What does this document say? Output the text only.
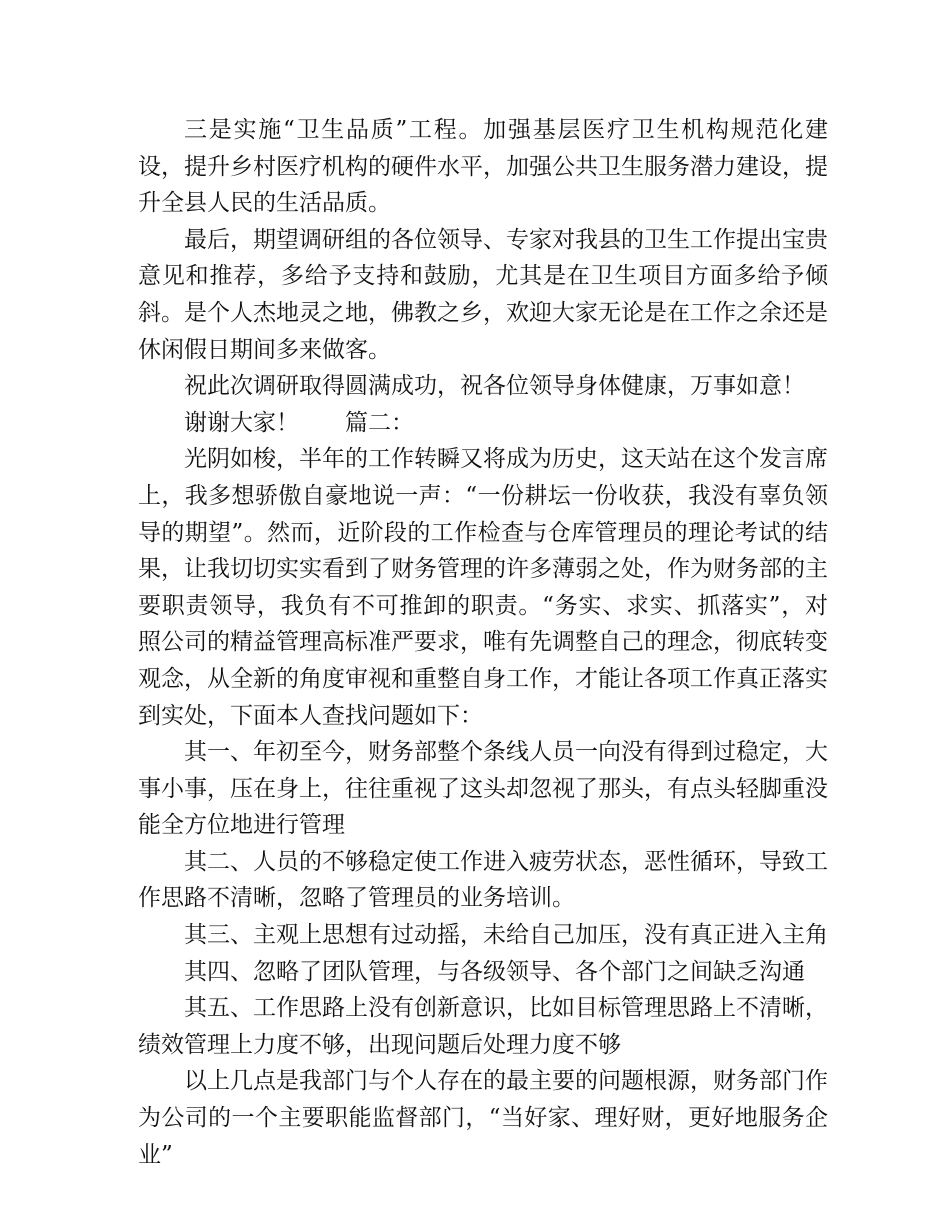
三是实施“卫生品质”工程。加强基层医疗卫生机构规范化建设，提升乡村医疗机构的硬件水平，加强公共卫生服务潜力建设，提升全县人民的生活品质。

最后，期望调研组的各位领导、专家对我县的卫生工作提出宝贵意见和推荐，多给予支持和鼓励，尤其是在卫生项目方面多给予倾斜。是个人杰地灵之地，佛教之乡，欢迎大家无论是在工作之余还是休闲假日期间多来做客。

祝此次调研取得圆满成功，祝各位领导身体健康，万事如意！

谢谢大家！　　篇二：

光阴如梭，半年的工作转瞬又将成为历史，这天站在这个发言席上，我多想骄傲自豪地说一声：“一份耕坛一份收获，我没有辜负领导的期望”。然而，近阶段的工作检查与仓库管理员的理论考试的结果，让我切切实实看到了财务管理的许多薄弱之处，作为财务部的主要职责领导，我负有不可推卸的职责。“务实、求实、抓落实”，对照公司的精益管理高标准严要求，唯有先调整自己的理念，彻底转变观念，从全新的角度审视和重整自身工作，才能让各项工作真正落实到实处，下面本人查找问题如下：

其一、年初至今，财务部整个条线人员一向没有得到过稳定，大事小事，压在身上，往往重视了这头却忽视了那头，有点头轻脚重没能全方位地进行管理

其二、人员的不够稳定使工作进入疲劳状态，恶性循环，导致工作思路不清晰，忽略了管理员的业务培训。

其三、主观上思想有过动摇，未给自己加压，没有真正进入主角

其四、忽略了团队管理，与各级领导、各个部门之间缺乏沟通

其五、工作思路上没有创新意识，比如目标管理思路上不清晰，绩效管理上力度不够，出现问题后处理力度不够

以上几点是我部门与个人存在的最主要的问题根源，财务部门作为公司的一个主要职能监督部门，“当好家、理好财，更好地服务企业”
